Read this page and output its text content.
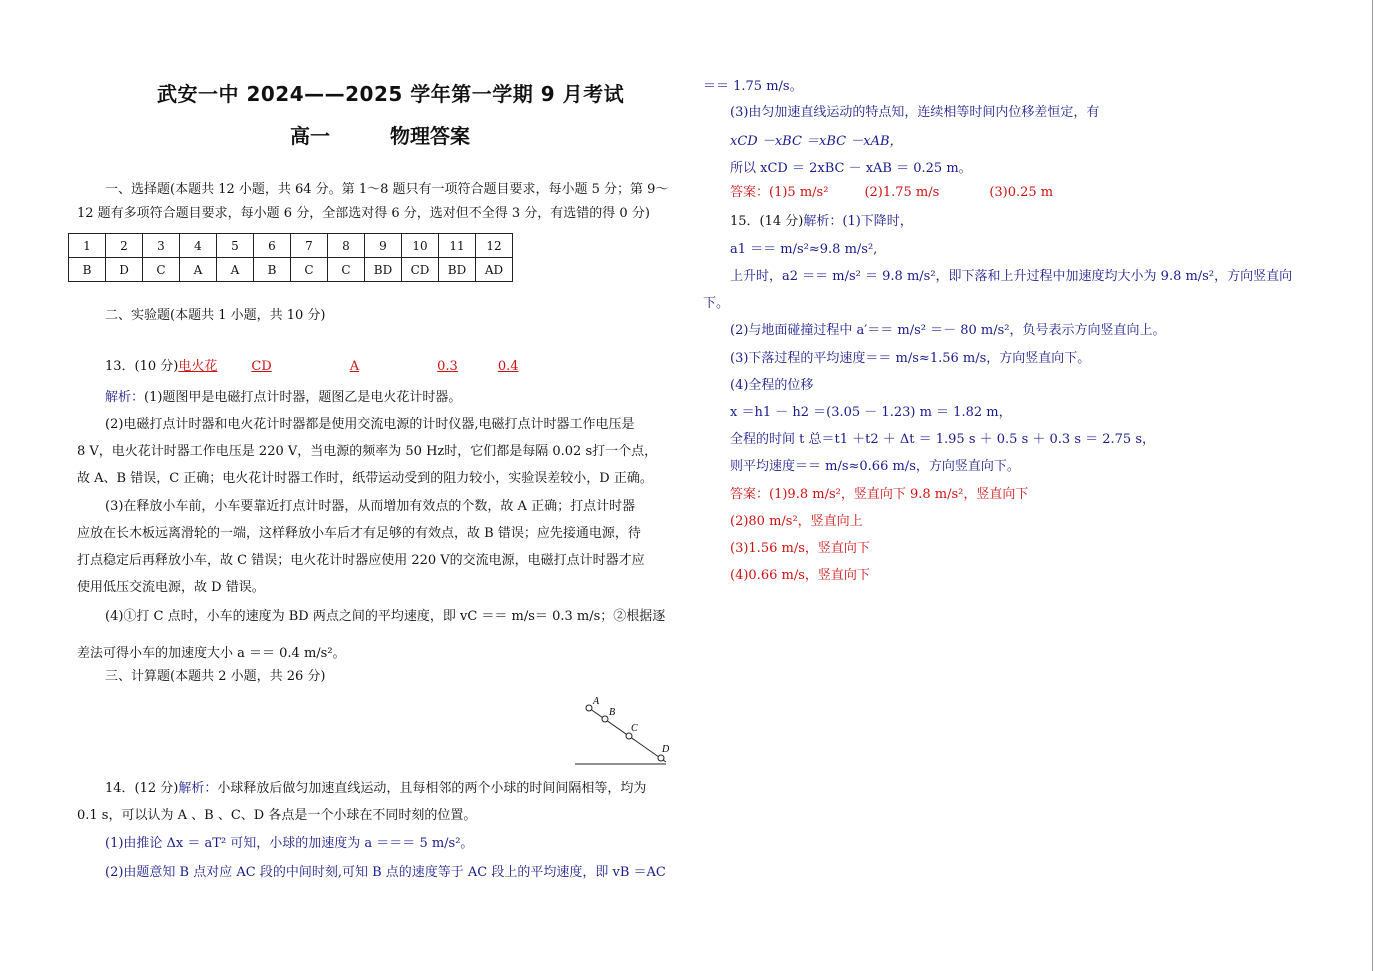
武安一中 2024——2025 学年第一学期 9 月考试
高一	物理答案
一、选择题(本题共 12 小题，共 64 分。第 1～8 题只有一项符合题目要求，每小题 5 分；第 9～
12 题有多项符合题目要求，每小题 6 分，全部选对得 6 分，选对但不全得 3 分，有选错的得 0 分)
1	2	3	4	5	6	7	8	9	10	11	12
B	D	C	A	A	B	C	C	BD	CD	BD	AD
二、实验题(本题共 1 小题，共 10 分)
13．(10 分)电火花	CD	A	0.3	0.4
解析：(1)题图甲是电磁打点计时器，题图乙是电火花计时器。
(2)电磁打点计时器和电火花计时器都是使用交流电源的计时仪器,电磁打点计时器工作电压是
8 V，电火花计时器工作电压是 220 V，当电源的频率为 50 Hz时，它们都是每隔 0.02 s打一个点，
故 A、B 错误，C 正确；电火花计时器工作时，纸带运动受到的阻力较小，实验误差较小，D 正确。
(3)在释放小车前，小车要靠近打点计时器，从而增加有效点的个数，故 A 正确；打点计时器
应放在长木板远离滑轮的一端，这样释放小车后才有足够的有效点，故 B 错误；应先接通电源，待
打点稳定后再释放小车，故 C 错误；电火花计时器应使用 220 V的交流电源，电磁打点计时器才应
使用低压交流电源，故 D 错误。
(4)①打 C 点时，小车的速度为 BD 两点之间的平均速度，即 vC ＝＝ m/s＝ 0.3 m/s；②根据逐
差法可得小车的加速度大小 a ＝＝ 0.4 m/s²。
三、计算题(本题共 2 小题，共 26 分)
A
B
C
D
14．(12 分)解析：小球释放后做匀加速直线运动，且每相邻的两个小球的时间间隔相等，均为
0.1 s，可以认为 A 、B 、C、D 各点是一个小球在不同时刻的位置。
(1)由推论 Δx ＝ aT² 可知，小球的加速度为 a ＝＝＝ 5 m/s²。
(2)由题意知 B 点对应 AC 段的中间时刻,可知 B 点的速度等于 AC 段上的平均速度，即 vB ＝AC
＝＝ 1.75 m/s。
(3)由匀加速直线运动的特点知，连续相等时间内位移差恒定，有
xCD －xBC ＝xBC －xAB，
所以 xCD ＝ 2xBC － xAB ＝ 0.25 m。
答案：(1)5 m/s²	(2)1.75 m/s	(3)0.25 m
15．(14 分)解析：(1)下降时，
a1 ＝＝ m/s²≈9.8 m/s²,
上升时，a2 ＝＝ m/s² ＝ 9.8 m/s²，即下落和上升过程中加速度均大小为 9.8 m/s²，方向竖直向
下。
(2)与地面碰撞过程中 a′＝＝ m/s² ＝－ 80 m/s²，负号表示方向竖直向上。
(3)下落过程的平均速度＝＝ m/s≈1.56 m/s，方向竖直向下。
(4)全程的位移
x ＝h1 － h2 ＝(3.05 － 1.23) m ＝ 1.82 m，
全程的时间 t 总＝t1 ＋t2 ＋ Δt ＝ 1.95 s ＋ 0.5 s ＋ 0.3 s ＝ 2.75 s，
则平均速度＝＝ m/s≈0.66 m/s，方向竖直向下。
答案：(1)9.8 m/s²，竖直向下 9.8 m/s²，竖直向下
(2)80 m/s²，竖直向上
(3)1.56 m/s，竖直向下
(4)0.66 m/s，竖直向下
